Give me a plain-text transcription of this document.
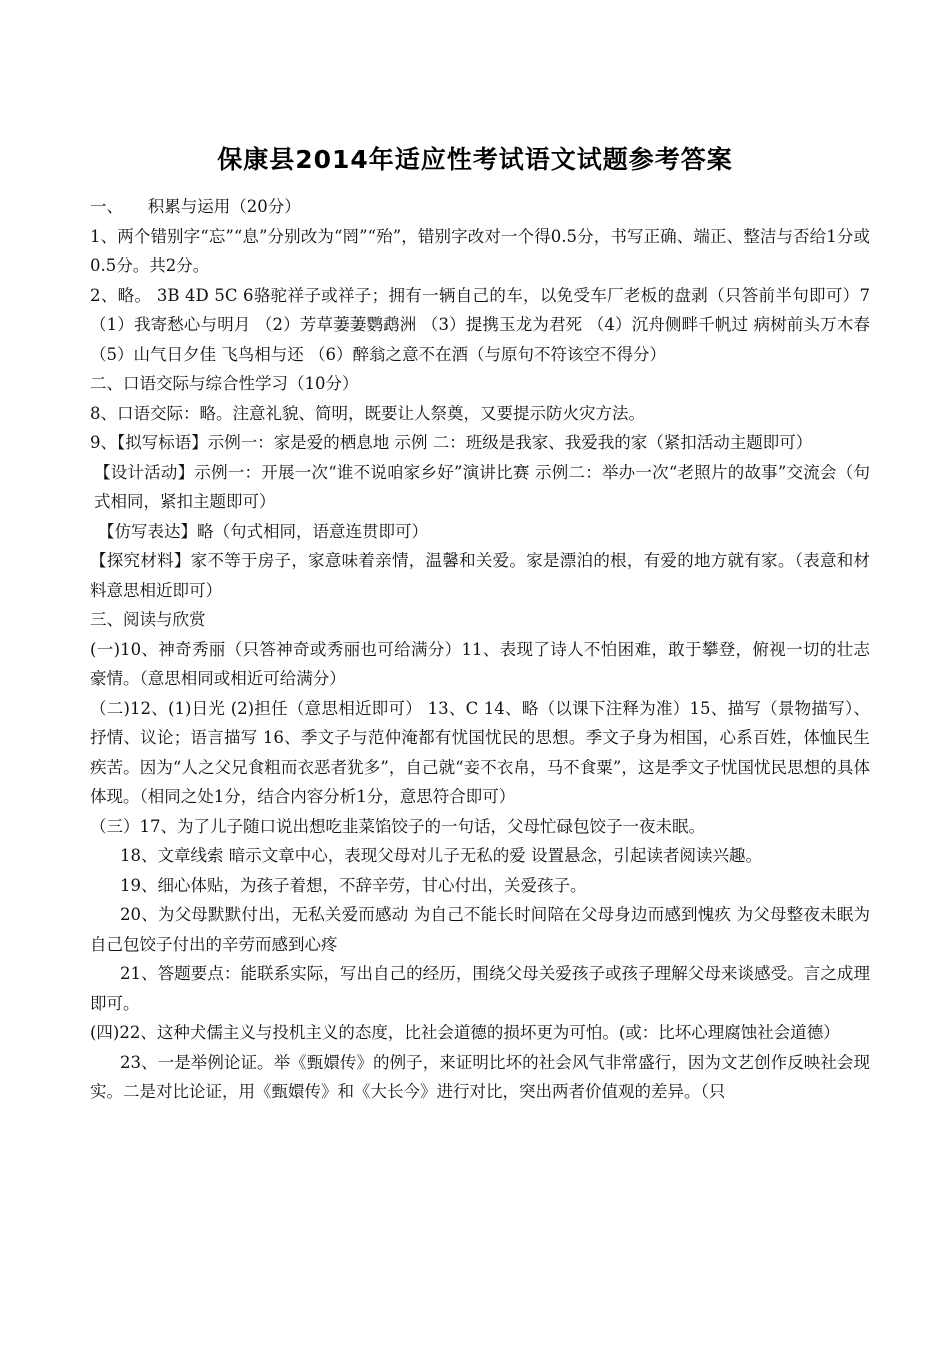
保康县2014年适应性考试语文试题参考答案

一、　　积累与运用（20分）

1、两个错别字“忘”“息”分别改为“罔”“殆”，错别字改对一个得0.5分，书写正确、端正、整洁与否给1分或0.5分。共2分。

2、略。 3B 4D 5C 6骆驼祥子或祥子；拥有一辆自己的车，以免受车厂老板的盘剥（只答前半句即可）7（1）我寄愁心与明月 （2）芳草萋萋鹦鹉洲 （3）提携玉龙为君死 （4）沉舟侧畔千帆过 病树前头万木春 （5）山气日夕佳 飞鸟相与还 （6）醉翁之意不在酒（与原句不符该空不得分）

二、口语交际与综合性学习（10分）

8、口语交际：略。注意礼貌、简明，既要让人祭奠，又要提示防火灾方法。

9、【拟写标语】示例一：家是爱的栖息地 示例 二：班级是我家、我爱我的家（紧扣活动主题即可）

【设计活动】示例一：开展一次“谁不说咱家乡好”演讲比赛 示例二：举办一次“老照片的故事”交流会（句式相同，紧扣主题即可）

【仿写表达】略（句式相同，语意连贯即可）

【探究材料】家不等于房子，家意味着亲情，温馨和关爱。家是漂泊的根，有爱的地方就有家。（表意和材料意思相近即可）

三、阅读与欣赏

(一)10、神奇秀丽（只答神奇或秀丽也可给满分）11、表现了诗人不怕困难，敢于攀登，俯视一切的壮志豪情。（意思相同或相近可给满分）

（二)12、(1)日光 (2)担任（意思相近即可） 13、C 14、略（以课下注释为准）15、描写（景物描写）、抒情、议论；语言描写 16、季文子与范仲淹都有忧国忧民的思想。季文子身为相国，心系百姓，体恤民生疾苦。因为“人之父兄食粗而衣恶者犹多”，自己就“妾不衣帛，马不食粟”，这是季文子忧国忧民思想的具体体现。（相同之处1分，结合内容分析1分，意思符合即可）

（三）17、为了儿子随口说出想吃韭菜馅饺子的一句话，父母忙碌包饺子一夜未眠。

18、文章线索 暗示文章中心，表现父母对儿子无私的爱 设置悬念，引起读者阅读兴趣。

19、细心体贴，为孩子着想，不辞辛劳，甘心付出，关爱孩子。

20、为父母默默付出，无私关爱而感动 为自己不能长时间陪在父母身边而感到愧疚 为父母整夜未眠为自己包饺子付出的辛劳而感到心疼

21、答题要点：能联系实际，写出自己的经历，围绕父母关爱孩子或孩子理解父母来谈感受。言之成理即可。

(四)22、这种犬儒主义与投机主义的态度，比社会道德的损坏更为可怕。(或：比坏心理腐蚀社会道德）

23、一是举例论证。举《甄嬛传》的例子，来证明比坏的社会风气非常盛行，因为文艺创作反映社会现实。二是对比论证，用《甄嬛传》和《大长今》进行对比，突出两者价值观的差异。（只
